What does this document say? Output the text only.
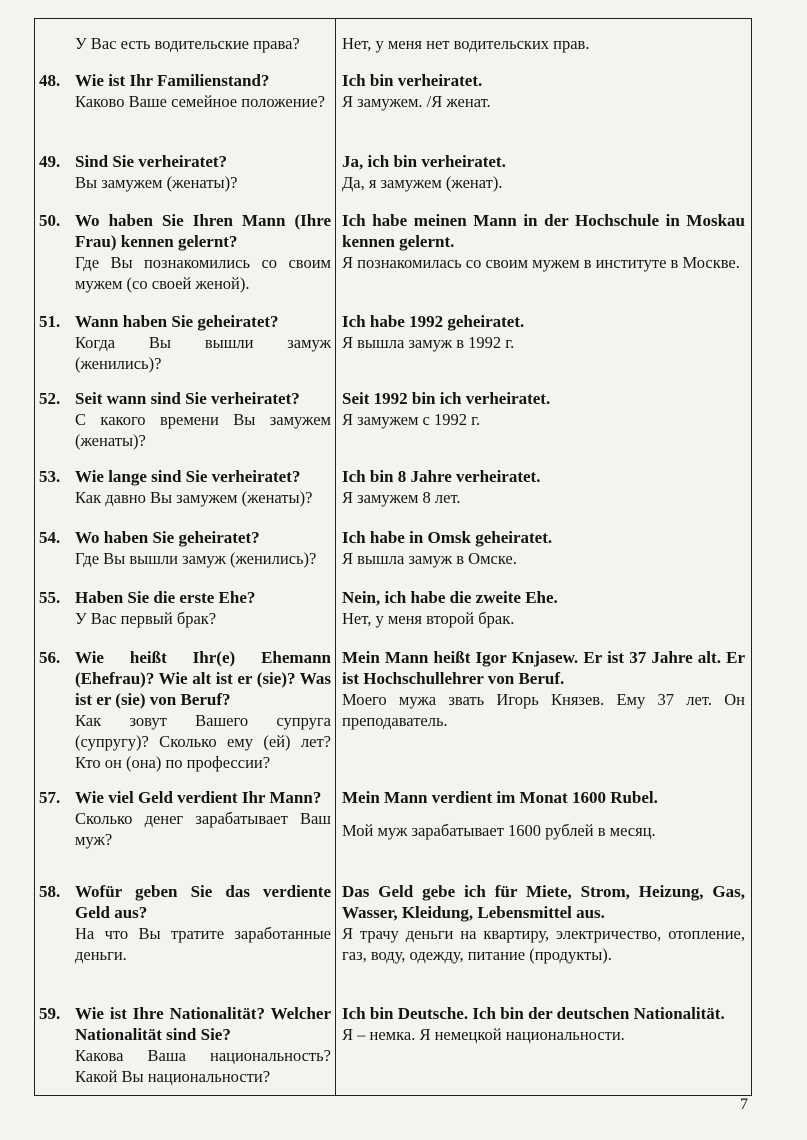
У Вас есть водительские права?	Нет, у меня нет водительских прав.
48. Wie ist Ihr Familienstand?
Каково Ваше семейное положение?
Ich bin verheiratet.
Я замужем. /Я женат.
49. Sind Sie verheiratet?
Вы замужем (женаты)?
Ja, ich bin verheiratet.
Да, я замужем (женат).
50. Wo haben Sie Ihren Mann (Ihre Frau) kennen gelernt?
Где Вы познакомились со своим мужем (со своей женой).
Ich habe meinen Mann in der Hochschule in Moskau kennen gelernt.
Я познакомилась со своим мужем в институте в Москве.
51. Wann haben Sie geheiratet?
Когда Вы вышли замуж (женились)?
Ich habe 1992 geheiratet.
Я вышла замуж в 1992 г.
52. Seit wann sind Sie verheiratet?
С какого времени Вы замужем (женаты)?
Seit 1992 bin ich verheiratet.
Я замужем с 1992 г.
53. Wie lange sind Sie verheiratet?
Как давно Вы замужем (женаты)?
Ich bin 8 Jahre verheiratet.
Я замужем 8 лет.
54. Wo haben Sie geheiratet?
Где Вы вышли замуж (женились)?
Ich habe in Omsk geheiratet.
Я вышла замуж в Омске.
55. Haben Sie die erste Ehe?
У Вас первый брак?
Nein, ich habe die zweite Ehe.
Нет, у меня второй брак.
56. Wie heißt Ihr(e) Ehemann (Ehefrau)? Wie alt ist er (sie)? Was ist er (sie) von Beruf?
Как зовут Вашего супруга (супругу)? Сколько ему (ей) лет? Кто он (она) по профессии?
Mein Mann heißt Igor Knjasew. Er ist 37 Jahre alt. Er ist Hochschullehrer von Beruf.
Моего мужа звать Игорь Князев. Ему 37 лет. Он преподаватель.
57. Wie viel Geld verdient Ihr Mann?
Сколько денег зарабатывает Ваш муж?
Mein Mann verdient im Monat 1600 Rubel.
Мой муж зарабатывает 1600 рублей в месяц.
58. Wofür geben Sie das verdiente Geld aus?
На что Вы тратите заработанные деньги.
Das Geld gebe ich für Miete, Strom, Heizung, Gas, Wasser, Kleidung, Lebensmittel aus.
Я трачу деньги на квартиру, электричество, отопление, газ, воду, одежду, питание (продукты).
59. Wie ist Ihre Nationalität? Welcher Nationalität sind Sie?
Какова Ваша национальность? Какой Вы национальности?
Ich bin Deutsche. Ich bin der deutschen Nationalität.
Я – немка. Я немецкой национальности.
7
